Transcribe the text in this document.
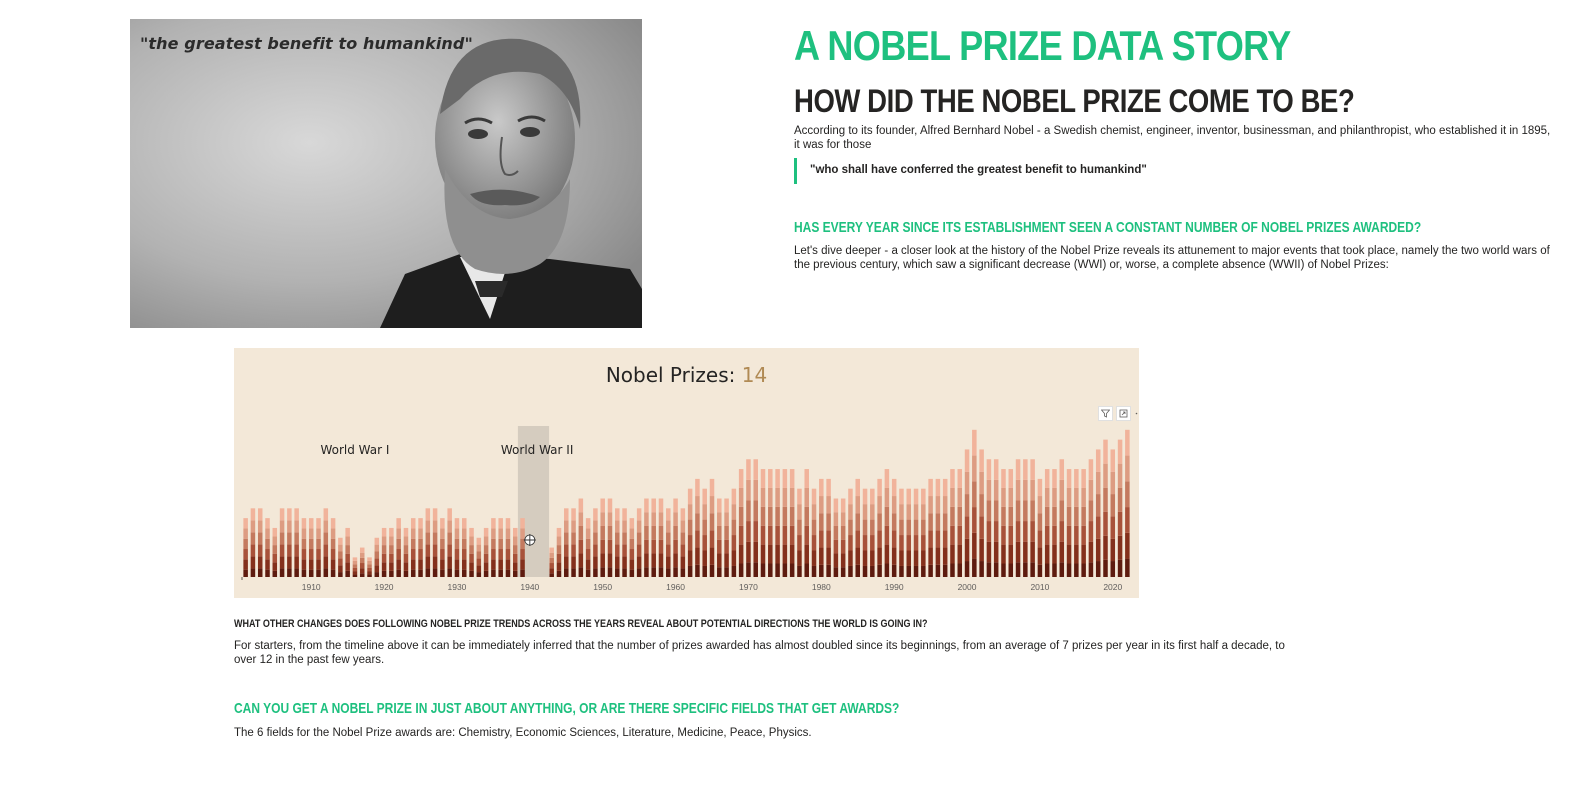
"the greatest benefit to humankind"	A NOBEL PRIZE DATA STORY
HOW DID THE NOBEL PRIZE COME TO BE?
According to its founder, Alfred Bernhard Nobel - a Swedish chemist, engineer, inventor, businessman, and philanthropist, who established it in 1895, it was for those
"who shall have conferred the greatest benefit to humankind"
HAS EVERY YEAR SINCE ITS ESTABLISHMENT SEEN A CONSTANT NUMBER OF NOBEL PRIZES AWARDED?
Let's dive deeper - a closer look at the history of the Nobel Prize reveals its attunement to major events that took place, namely the two world wars of the previous century, which saw a significant decrease (WWI) or, worse, a complete absence (WWII) of Nobel Prizes:
Nobel Prizes: 14
World War I	World War II
1910	1920	1930	1940	1950	1960	1970	1980	1990	2000	2010	2020
WHAT OTHER CHANGES DOES FOLLOWING NOBEL PRIZE TRENDS ACROSS THE YEARS REVEAL ABOUT POTENTIAL DIRECTIONS THE WORLD IS GOING IN?
For starters, from the timeline above it can be immediately inferred that the number of prizes awarded has almost doubled since its beginnings, from an average of 7 prizes per year in its first half a decade, to over 12 in the past few years.
CAN YOU GET A NOBEL PRIZE IN JUST ABOUT ANYTHING, OR ARE THERE SPECIFIC FIELDS THAT GET AWARDS?
The 6 fields for the Nobel Prize awards are: Chemistry, Economic Sciences, Literature, Medicine, Peace, Physics.
